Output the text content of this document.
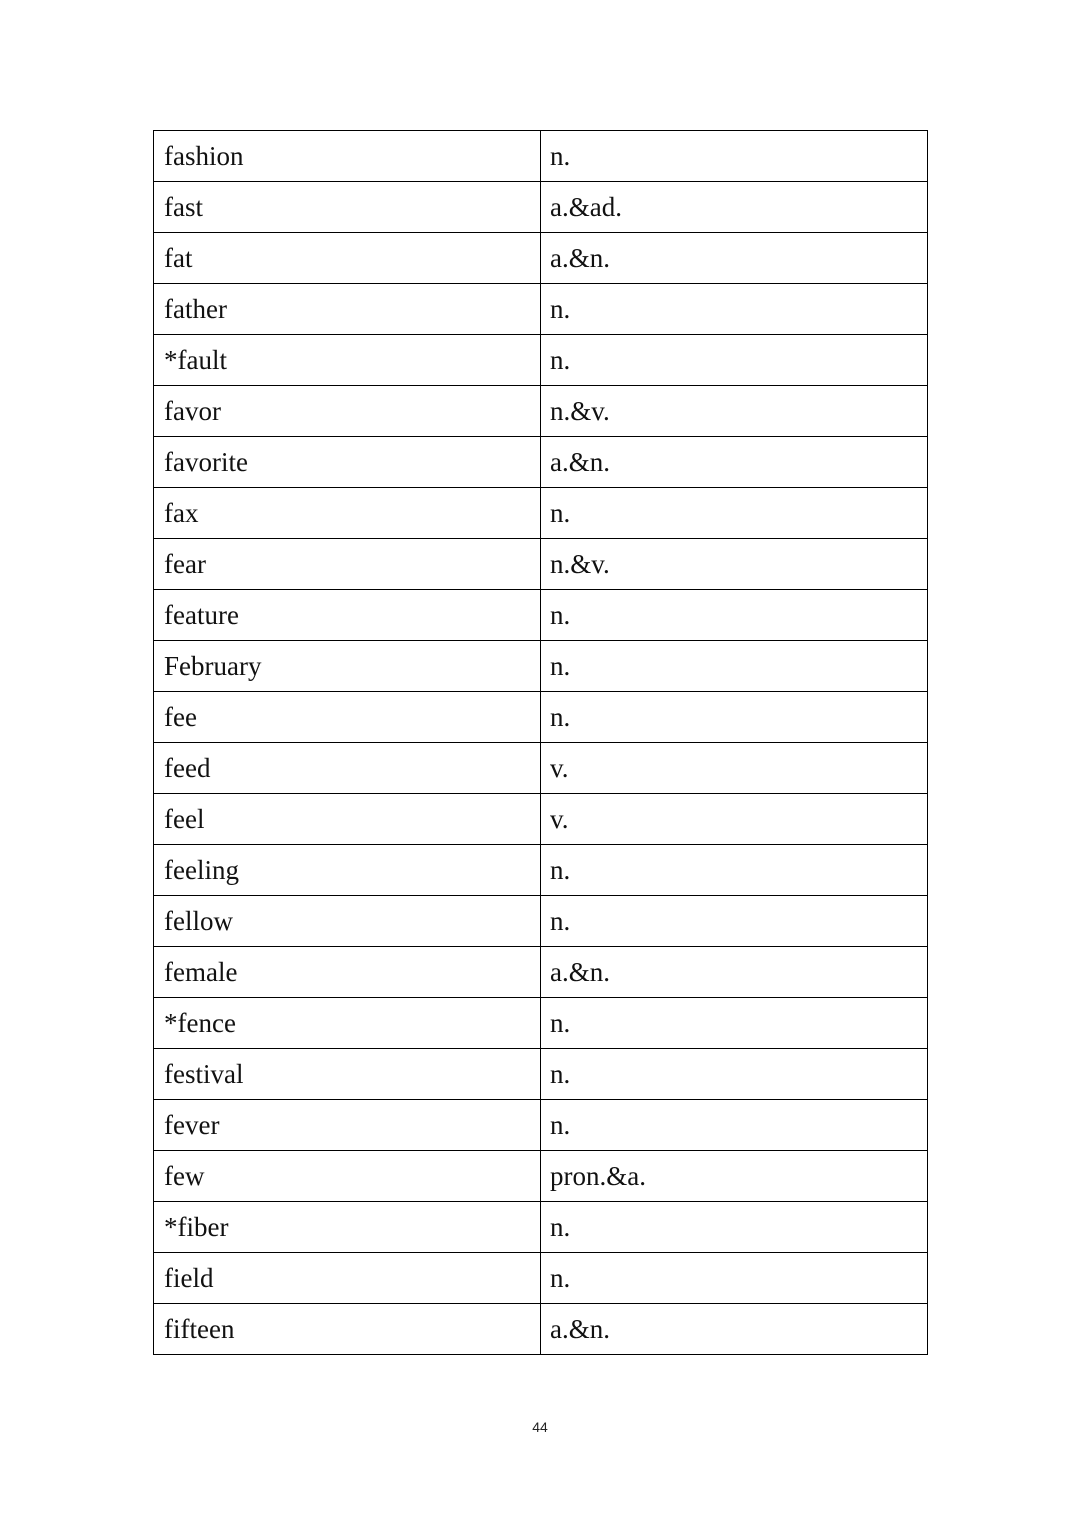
fashion	n.
fast	a.&ad.
fat	a.&n.
father	n.
*fault	n.
favor	n.&v.
favorite	a.&n.
fax	n.
fear	n.&v.
feature	n.
February	n.
fee	n.
feed	v.
feel	v.
feeling	n.
fellow	n.
female	a.&n.
*fence	n.
festival	n.
fever	n.
few	pron.&a.
*fiber	n.
field	n.
fifteen	a.&n.
44
